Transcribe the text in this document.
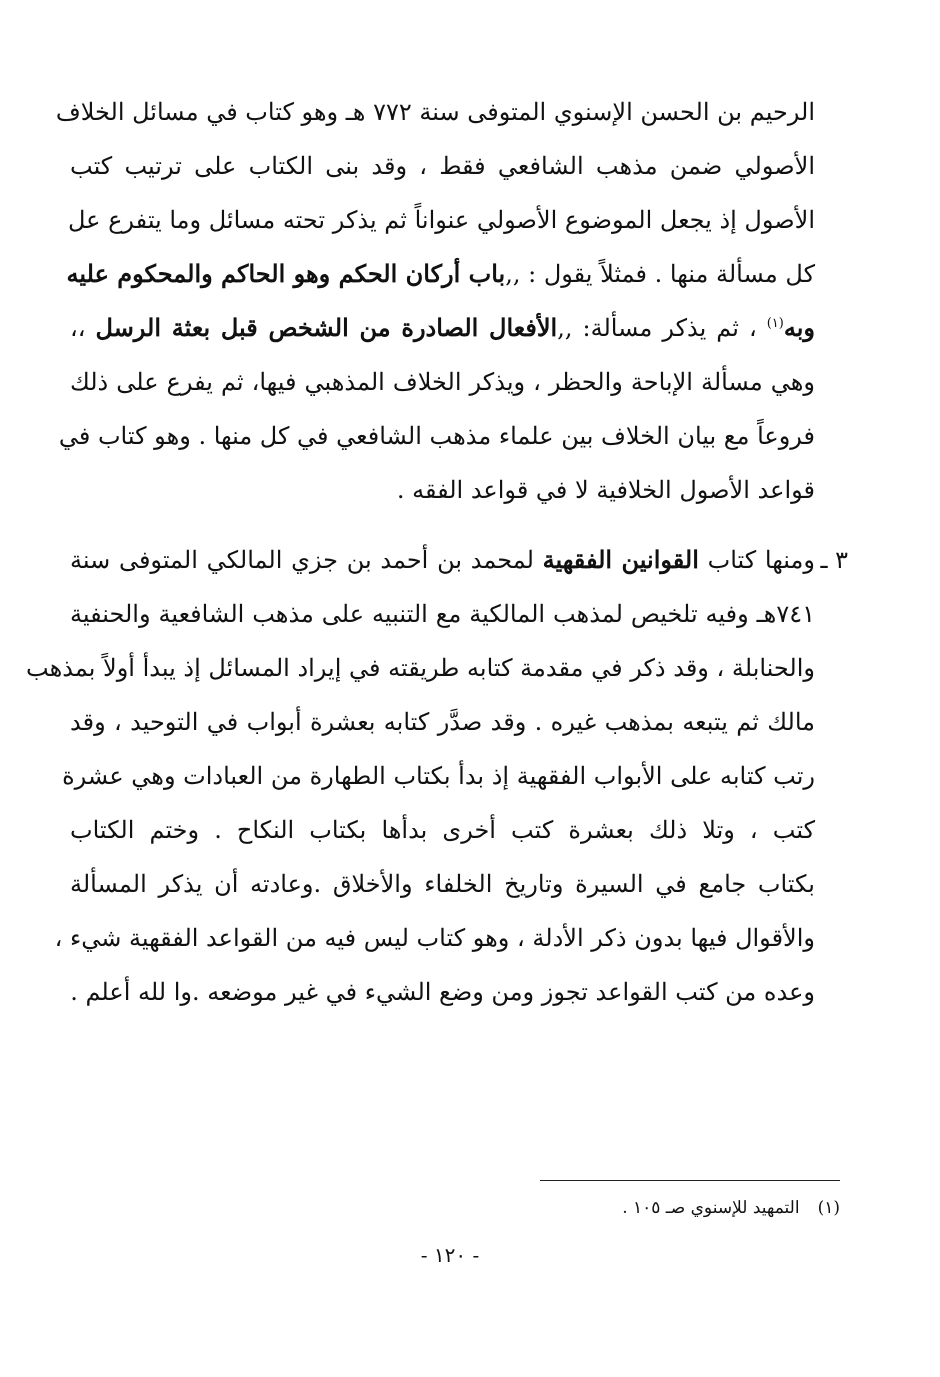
الرحيم بن الحسن الإسنوي المتوفى سنة ٧٧٢ هـ وهو كتاب في مسائل الخلاف
الأصولي ضمن مذهب الشافعي فقط ، وقد بنى الكتاب على ترتيب كتب
الأصول إذ يجعل الموضوع الأصولي عنواناً ثم يذكر تحته مسائل وما يتفرع عل
كل مسألة منها . فمثلاً يقول : ,,باب أركان الحكم وهو الحاكم والمحكوم عليه
وبه$^{(١)}$ ، ثم يذكر مسألة: ,,الأفعال الصادرة من الشخص قبل بعثة الرسل ،،
وهي مسألة الإباحة والحظر ، ويذكر الخلاف المذهبي فيها، ثم يفرع على ذلك
فروعاً مع بيان الخلاف بين علماء مذهب الشافعي في كل منها . وهو كتاب في
قواعد الأصول الخلافية لا في قواعد الفقه .
٣ ـ
ومنها كتاب القوانين الفقهية لمحمد بن أحمد بن جزي المالكي المتوفى سنة
٧٤١هـ وفيه تلخيص لمذهب المالكية مع التنبيه على مذهب الشافعية والحنفية
والحنابلة ، وقد ذكر في مقدمة كتابه طريقته في إيراد المسائل إذ يبدأ أولاً بمذهب
مالك ثم يتبعه بمذهب غيره . وقد صدَّر كتابه بعشرة أبواب في التوحيد ، وقد
رتب كتابه على الأبواب الفقهية إذ بدأ بكتاب الطهارة من العبادات وهي عشرة
كتب ، وتلا ذلك بعشرة كتب أخرى بدأها بكتاب النكاح . وختم الكتاب
بكتاب جامع في السيرة وتاريخ الخلفاء والأخلاق .وعادته أن يذكر المسألة
والأقوال فيها بدون ذكر الأدلة ، وهو كتاب ليس فيه من القواعد الفقهية شيء ،
وعده من كتب القواعد تجوز ومن وضع الشيء في غير موضعه .وا لله أعلم .
(١)التمهيد للإسنوي صـ ١٠٥ .
- ١٢٠ -
